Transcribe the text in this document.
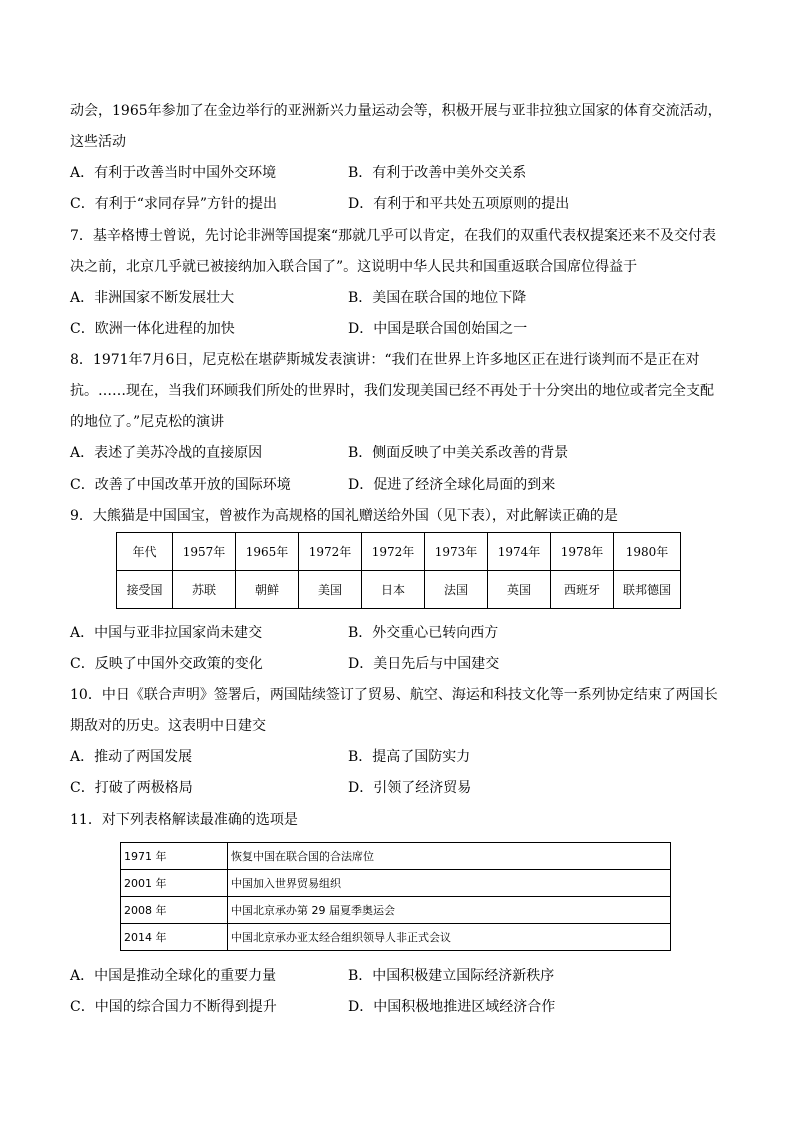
动会，1965年参加了在金边举行的亚洲新兴力量运动会等，积极开展与亚非拉独立国家的体育交流活动，
这些活动
A．有利于改善当时中国外交环境	B．有利于改善中美外交关系
C．有利于“求同存异”方针的提出	D．有利于和平共处五项原则的提出
7．基辛格博士曾说，先讨论非洲等国提案“那就几乎可以肯定，在我们的双重代表权提案还来不及交付表
决之前，北京几乎就已被接纳加入联合国了”。这说明中华人民共和国重返联合国席位得益于
A．非洲国家不断发展壮大	B．美国在联合国的地位下降
C．欧洲一体化进程的加快	D．中国是联合国创始国之一
8．1971年7月6日，尼克松在堪萨斯城发表演讲：“我们在世界上许多地区正在进行谈判而不是正在对
抗。……现在，当我们环顾我们所处的世界时，我们发现美国已经不再处于十分突出的地位或者完全支配
的地位了。”尼克松的演讲
A．表述了美苏冷战的直接原因	B．侧面反映了中美关系改善的背景
C．改善了中国改革开放的国际环境	D．促进了经济全球化局面的到来
9．大熊猫是中国国宝，曾被作为高规格的国礼赠送给外国（见下表），对此解读正确的是
年代	1957年	1965年	1972年	1972年	1973年	1974年	1978年	1980年
接受国	苏联	朝鲜	美国	日本	法国	英国	西班牙	联邦德国
A．中国与亚非拉国家尚未建交	B．外交重心已转向西方
C．反映了中国外交政策的变化	D．美日先后与中国建交
10．中日《联合声明》签署后，两国陆续签订了贸易、航空、海运和科技文化等一系列协定结束了两国长
期敌对的历史。这表明中日建交
A．推动了两国发展	B．提高了国防实力
C．打破了两极格局	D．引领了经济贸易
11．对下列表格解读最准确的选项是
1971 年	恢复中国在联合国的合法席位
2001 年	中国加入世界贸易组织
2008 年	中国北京承办第 29 届夏季奥运会
2014 年	中国北京承办亚太经合组织领导人非正式会议
A．中国是推动全球化的重要力量	B．中国积极建立国际经济新秩序
C．中国的综合国力不断得到提升	D．中国积极地推进区域经济合作
